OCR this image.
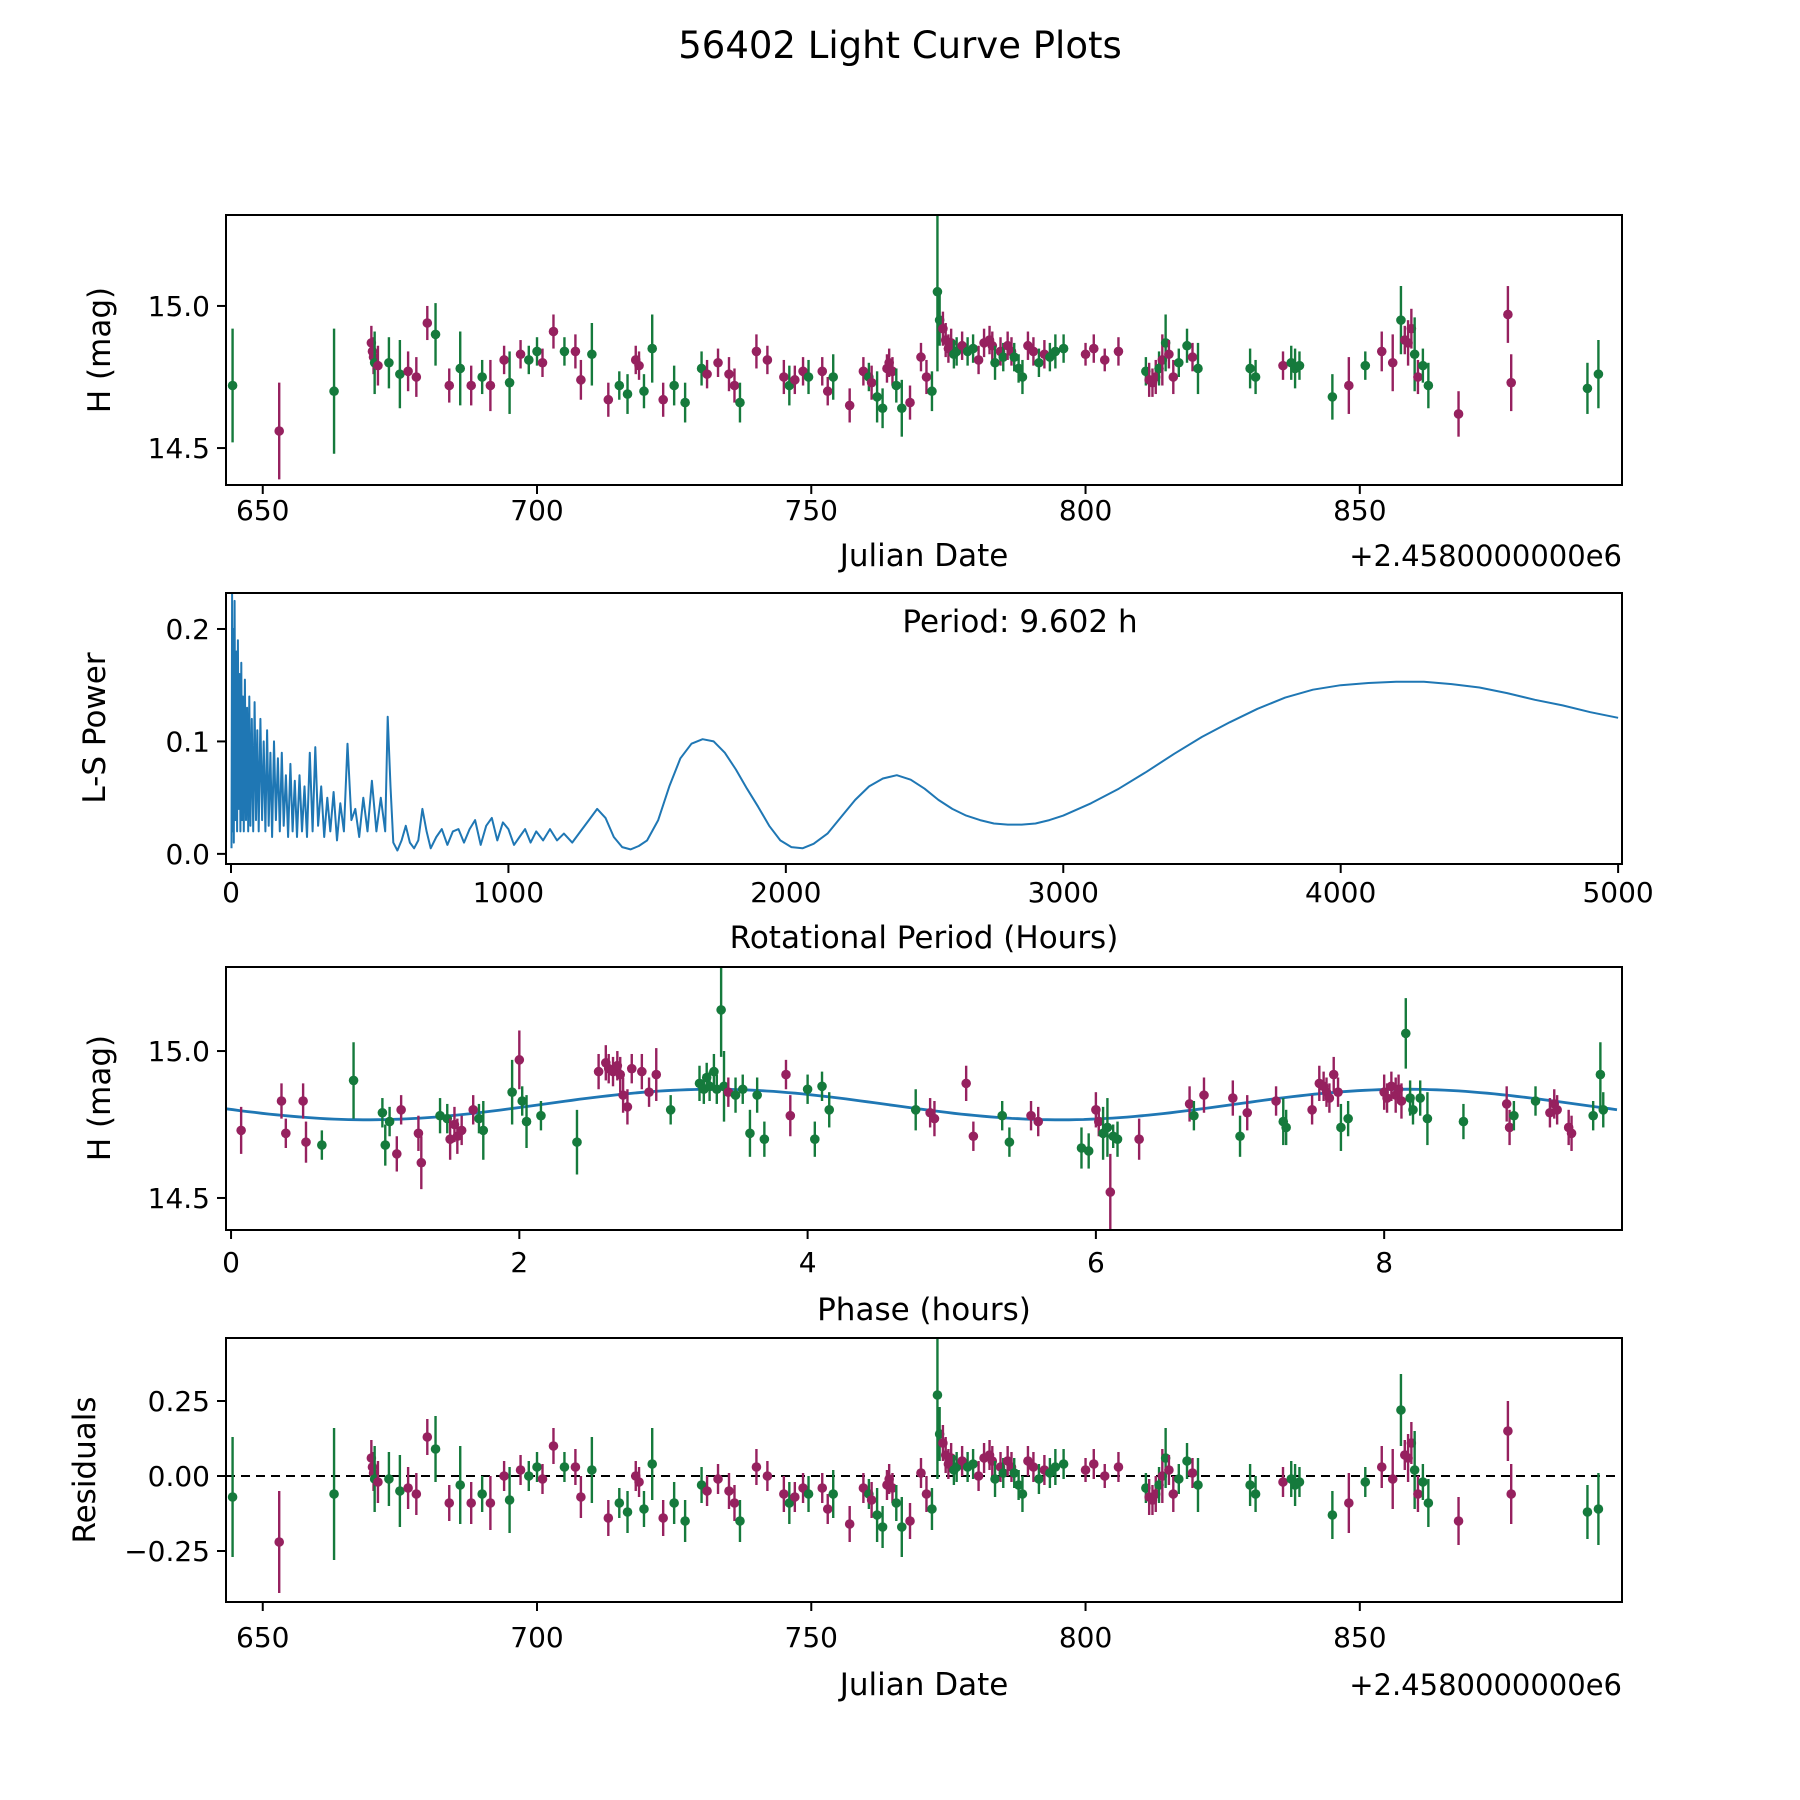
56402 Light Curve Plots
650	700	750	800	850
14.5
15.0
H (mag)
Julian Date	+2.4580000000e6
0	1000	2000	3000	4000	5000
0.0
0.1
0.2	Period: 9.602 h
L-S Power
Rotational Period (Hours)
0	2	4	6	8
14.5
15.0
H (mag)
Phase (hours)
650	700	750	800	850
−0.25
0.00
0.25
Residuals
Julian Date	+2.4580000000e6
